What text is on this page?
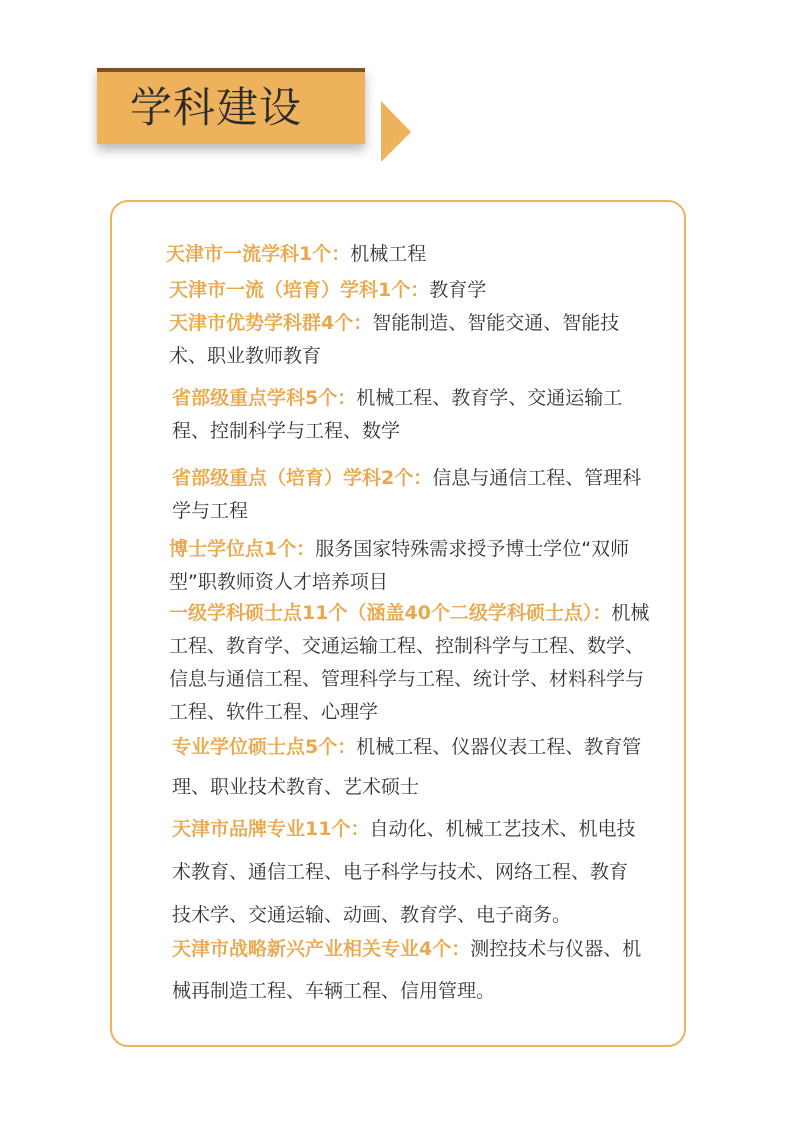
学科建设
天津市一流学科1个：机械工程
天津市一流（培育）学科1个：教育学
天津市优势学科群4个：智能制造、智能交通、智能技术、职业教师教育
省部级重点学科5个：机械工程、教育学、交通运输工程、控制科学与工程、数学
省部级重点（培育）学科2个：信息与通信工程、管理科学与工程
博士学位点1个：服务国家特殊需求授予博士学位“双师型”职教师资人才培养项目
一级学科硕士点11个（涵盖40个二级学科硕士点）：机械工程、教育学、交通运输工程、控制科学与工程、数学、信息与通信工程、管理科学与工程、统计学、材料科学与工程、软件工程、心理学
专业学位硕士点5个：机械工程、仪器仪表工程、教育管理、职业技术教育、艺术硕士
天津市品牌专业11个：自动化、机械工艺技术、机电技术教育、通信工程、电子科学与技术、网络工程、教育技术学、交通运输、动画、教育学、电子商务。
天津市战略新兴产业相关专业4个：测控技术与仪器、机械再制造工程、车辆工程、信用管理。
